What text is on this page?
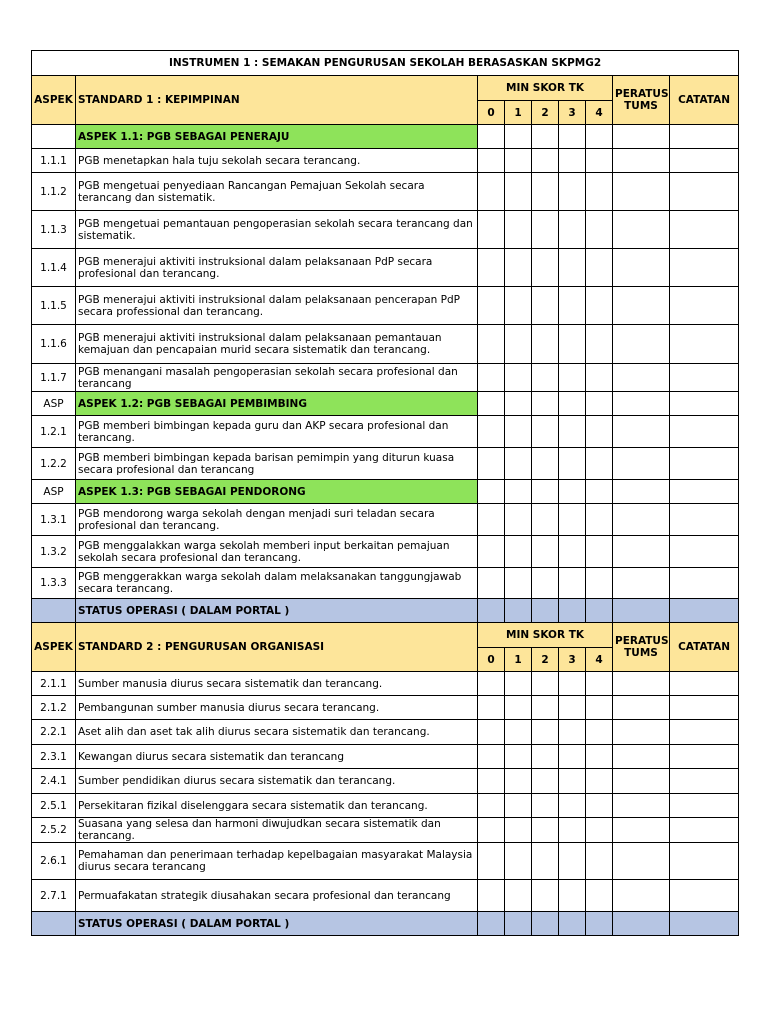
INSTRUMEN 1 : SEMAKAN PENGURUSAN SEKOLAH BERASASKAN SKPMG2								
ASPEK	STANDARD 1 : KEPIMPINAN	MIN SKOR TK					PERATUS TUMS	CATATAN
		0	1	2	3	4		
	ASPEK 1.1: PGB SEBAGAI PENERAJU							
1.1.1	PGB menetapkan hala tuju sekolah secara terancang.							
1.1.2	PGB mengetuai penyediaan Rancangan Pemajuan Sekolah secara terancang dan sistematik.							
1.1.3	PGB mengetuai pemantauan pengoperasian sekolah secara terancang dan sistematik.							
1.1.4	PGB menerajui aktiviti instruksional dalam pelaksanaan PdP secara profesional dan terancang.							
1.1.5	PGB menerajui aktiviti instruksional dalam pelaksanaan pencerapan PdP secara professional dan terancang.							
1.1.6	PGB menerajui aktiviti instruksional dalam pelaksanaan pemantauan kemajuan dan pencapaian murid secara sistematik dan terancang.							
1.1.7	PGB menangani masalah pengoperasian sekolah secara profesional dan terancang							
ASP	ASPEK 1.2: PGB SEBAGAI PEMBIMBING							
1.2.1	PGB memberi bimbingan kepada guru dan AKP secara profesional dan terancang.							
1.2.2	PGB memberi bimbingan kepada barisan pemimpin yang diturun kuasa secara profesional dan terancang							
ASP	ASPEK 1.3: PGB SEBAGAI PENDORONG							
1.3.1	PGB mendorong warga sekolah dengan menjadi suri teladan secara profesional dan terancang.							
1.3.2	PGB menggalakkan warga sekolah memberi input berkaitan pemajuan sekolah secara profesional dan terancang.							
1.3.3	PGB menggerakkan warga sekolah dalam melaksanakan tanggungjawab secara terancang.							
	STATUS OPERASI ( DALAM PORTAL )							
ASPEK	STANDARD 2 : PENGURUSAN ORGANISASI	MIN SKOR TK					PERATUS TUMS	CATATAN
		0	1	2	3	4		
2.1.1	Sumber manusia diurus secara sistematik dan terancang.							
2.1.2	Pembangunan sumber manusia diurus secara terancang.							
2.2.1	Aset alih dan aset tak alih diurus secara sistematik dan terancang.							
2.3.1	Kewangan diurus secara sistematik dan terancang							
2.4.1	Sumber pendidikan diurus secara sistematik dan terancang.							
2.5.1	Persekitaran fizikal diselenggara secara sistematik dan terancang.							
2.5.2	Suasana yang selesa dan harmoni diwujudkan secara sistematik dan terancang.							
2.6.1	Pemahaman dan penerimaan terhadap kepelbagaian masyarakat Malaysia diurus secara terancang							
2.7.1	Permuafakatan strategik diusahakan secara profesional dan terancang							
	STATUS OPERASI ( DALAM PORTAL )							
